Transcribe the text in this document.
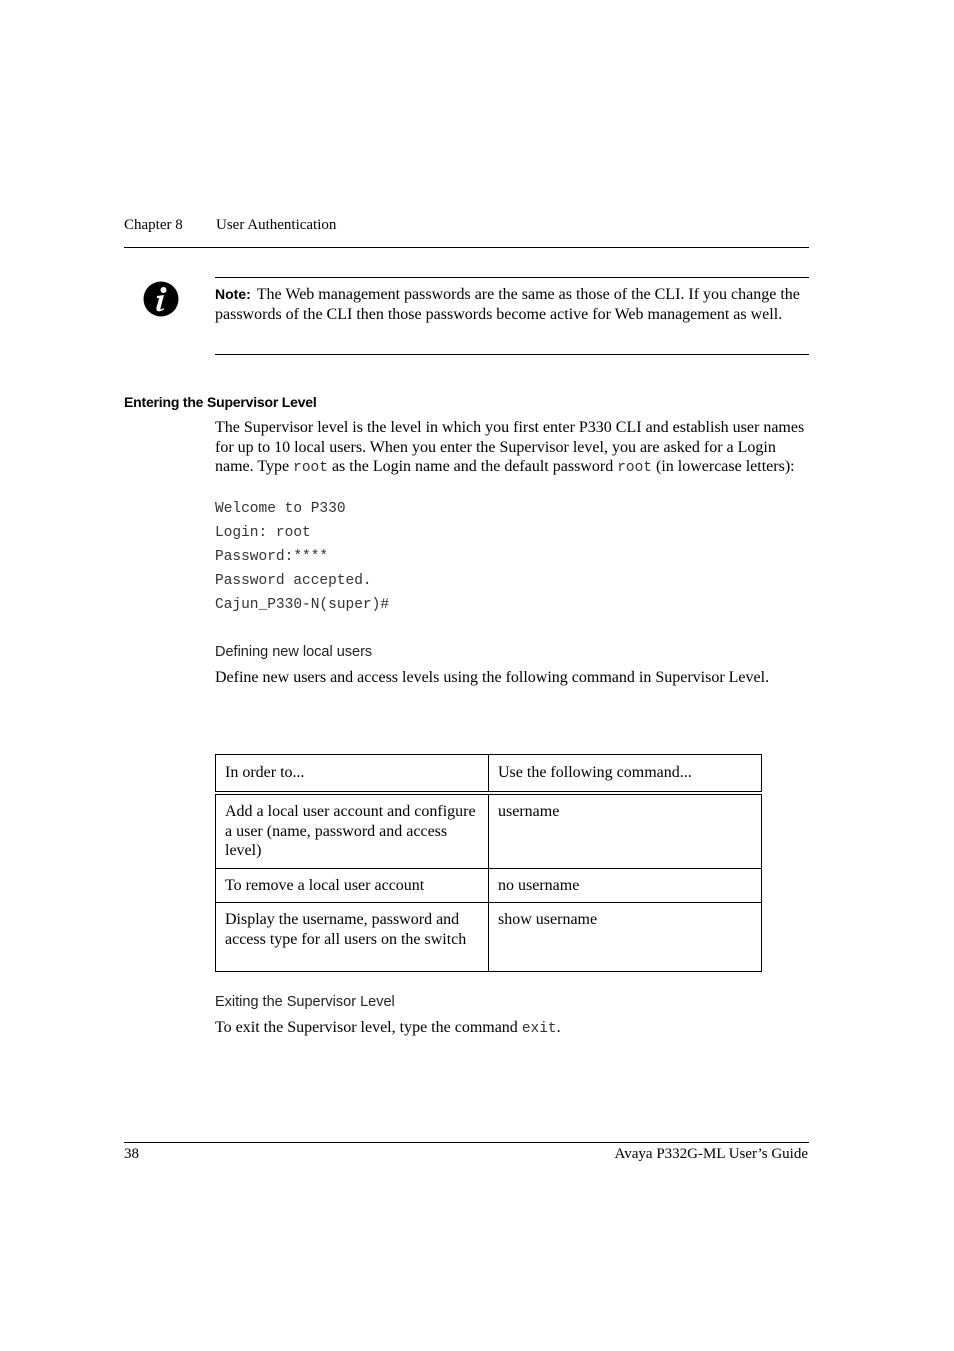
Chapter 8 User Authentication
Note: The Web management passwords are the same as those of the CLI. If you change the passwords of the CLI then those passwords become active for Web management as well.
Entering the Supervisor Level
The Supervisor level is the level in which you first enter P330 CLI and establish user names for up to 10 local users. When you enter the Supervisor level, you are asked for a Login name. Type root as the Login name and the default password root (in lowercase letters):
Welcome to P330
Login: root
Password:****
Password accepted.
Cajun_P330-N(super)#
Defining new local users
Define new users and access levels using the following command in Supervisor Level.
In order to...	Use the following command...
Add a local user account and configure a user (name, password and access level)	username
To remove a local user account	no username
Display the username, password and access type for all users on the switch	show username
Exiting the Supervisor Level
To exit the Supervisor level, type the command exit.
38	Avaya P332G-ML User’s Guide
